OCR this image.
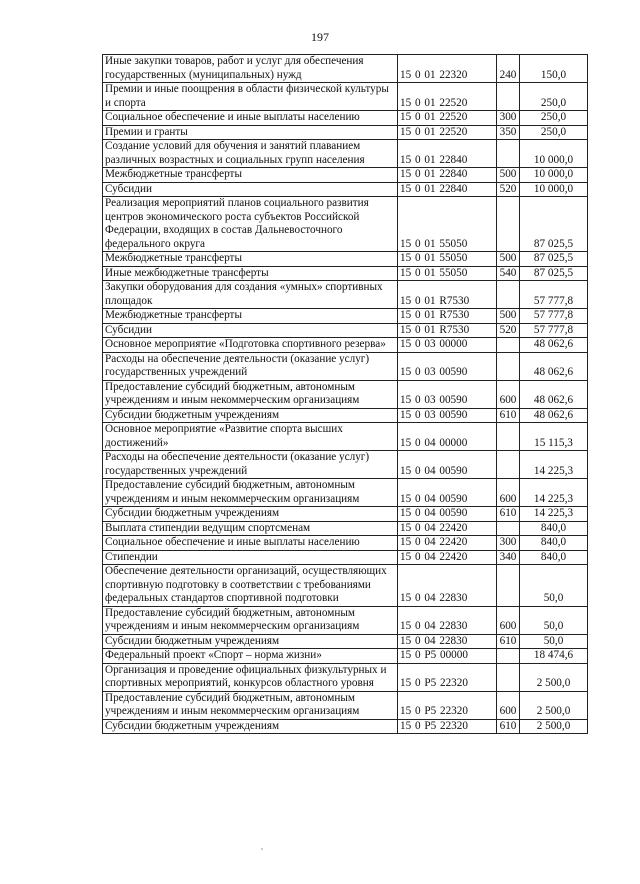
197
Иные закупки товаров, работ и услуг для обеспечения государственных (муниципальных) нужд	15 0 01 22320	240	150,0
Премии и иные поощрения в области физической культуры и спорта	15 0 01 22520		250,0
Социальное обеспечение и иные выплаты населению	15 0 01 22520	300	250,0
Премии и гранты	15 0 01 22520	350	250,0
Создание условий для обучения и занятий плаванием различных возрастных и социальных групп населения	15 0 01 22840		10 000,0
Межбюджетные трансферты	15 0 01 22840	500	10 000,0
Субсидии	15 0 01 22840	520	10 000,0
Реализация мероприятий планов социального развития центров экономического роста субъектов Российской Федерации, входящих в состав Дальневосточного федерального округа	15 0 01 55050		87 025,5
Межбюджетные трансферты	15 0 01 55050	500	87 025,5
Иные межбюджетные трансферты	15 0 01 55050	540	87 025,5
Закупки оборудования для создания «умных» спортивных площадок	15 0 01 R7530		57 777,8
Межбюджетные трансферты	15 0 01 R7530	500	57 777,8
Субсидии	15 0 01 R7530	520	57 777,8
Основное мероприятие «Подготовка спортивного резерва»	15 0 03 00000		48 062,6
Расходы на обеспечение деятельности (оказание услуг) государственных учреждений	15 0 03 00590		48 062,6
Предоставление субсидий бюджетным, автономным учреждениям и иным некоммерческим организациям	15 0 03 00590	600	48 062,6
Субсидии бюджетным учреждениям	15 0 03 00590	610	48 062,6
Основное мероприятие «Развитие спорта высших достижений»	15 0 04 00000		15 115,3
Расходы на обеспечение деятельности (оказание услуг) государственных учреждений	15 0 04 00590		14 225,3
Предоставление субсидий бюджетным, автономным учреждениям и иным некоммерческим организациям	15 0 04 00590	600	14 225,3
Субсидии бюджетным учреждениям	15 0 04 00590	610	14 225,3
Выплата стипендии ведущим спортсменам	15 0 04 22420		840,0
Социальное обеспечение и иные выплаты населению	15 0 04 22420	300	840,0
Стипендии	15 0 04 22420	340	840,0
Обеспечение деятельности организаций, осуществляющих спортивную подготовку в соответствии с требованиями федеральных стандартов спортивной подготовки	15 0 04 22830		50,0
Предоставление субсидий бюджетным, автономным учреждениям и иным некоммерческим организациям	15 0 04 22830	600	50,0
Субсидии бюджетным учреждениям	15 0 04 22830	610	50,0
Федеральный проект «Спорт – норма жизни»	15 0 P5 00000		18 474,6
Организация и проведение официальных физкультурных и спортивных мероприятий, конкурсов областного уровня	15 0 P5 22320		2 500,0
Предоставление субсидий бюджетным, автономным учреждениям и иным некоммерческим организациям	15 0 P5 22320	600	2 500,0
Субсидии бюджетным учреждениям	15 0 P5 22320	610	2 500,0
